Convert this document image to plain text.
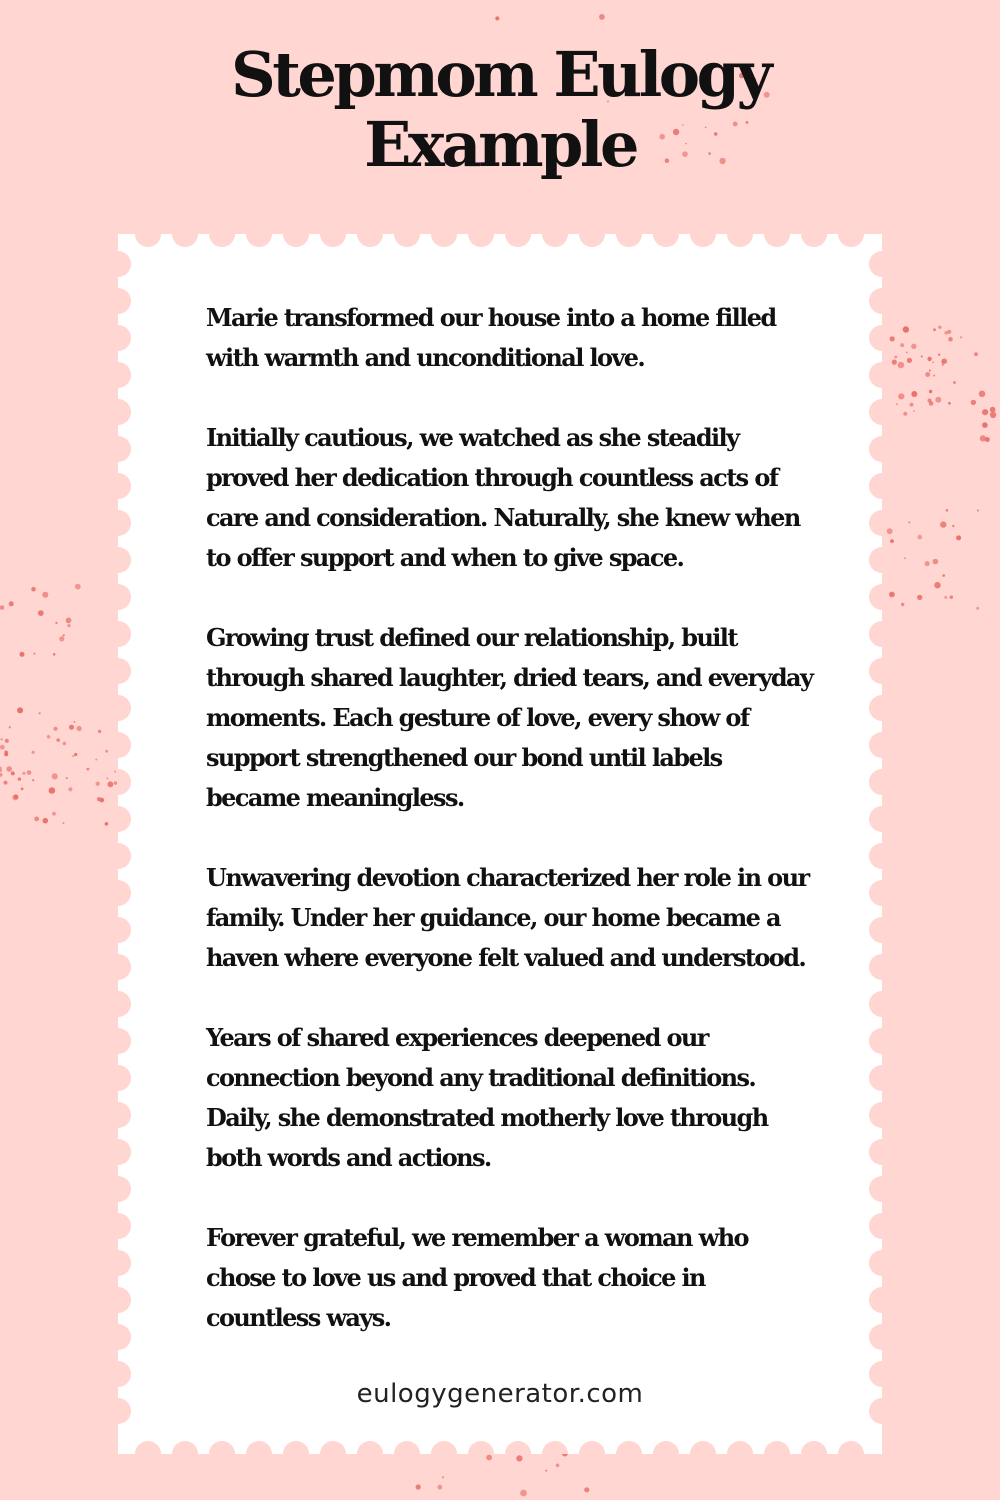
Stepmom Eulogy
Example

Marie transformed our house into a home filled with warmth and unconditional love.

Initially cautious, we watched as she steadily proved her dedication through countless acts of care and consideration. Naturally, she knew when to offer support and when to give space.

Growing trust defined our relationship, built through shared laughter, dried tears, and everyday moments. Each gesture of love, every show of support strengthened our bond until labels became meaningless.

Unwavering devotion characterized her role in our family. Under her guidance, our home became a haven where everyone felt valued and understood.

Years of shared experiences deepened our connection beyond any traditional definitions. Daily, she demonstrated motherly love through both words and actions.

Forever grateful, we remember a woman who chose to love us and proved that choice in countless ways.

eulogygenerator.com
